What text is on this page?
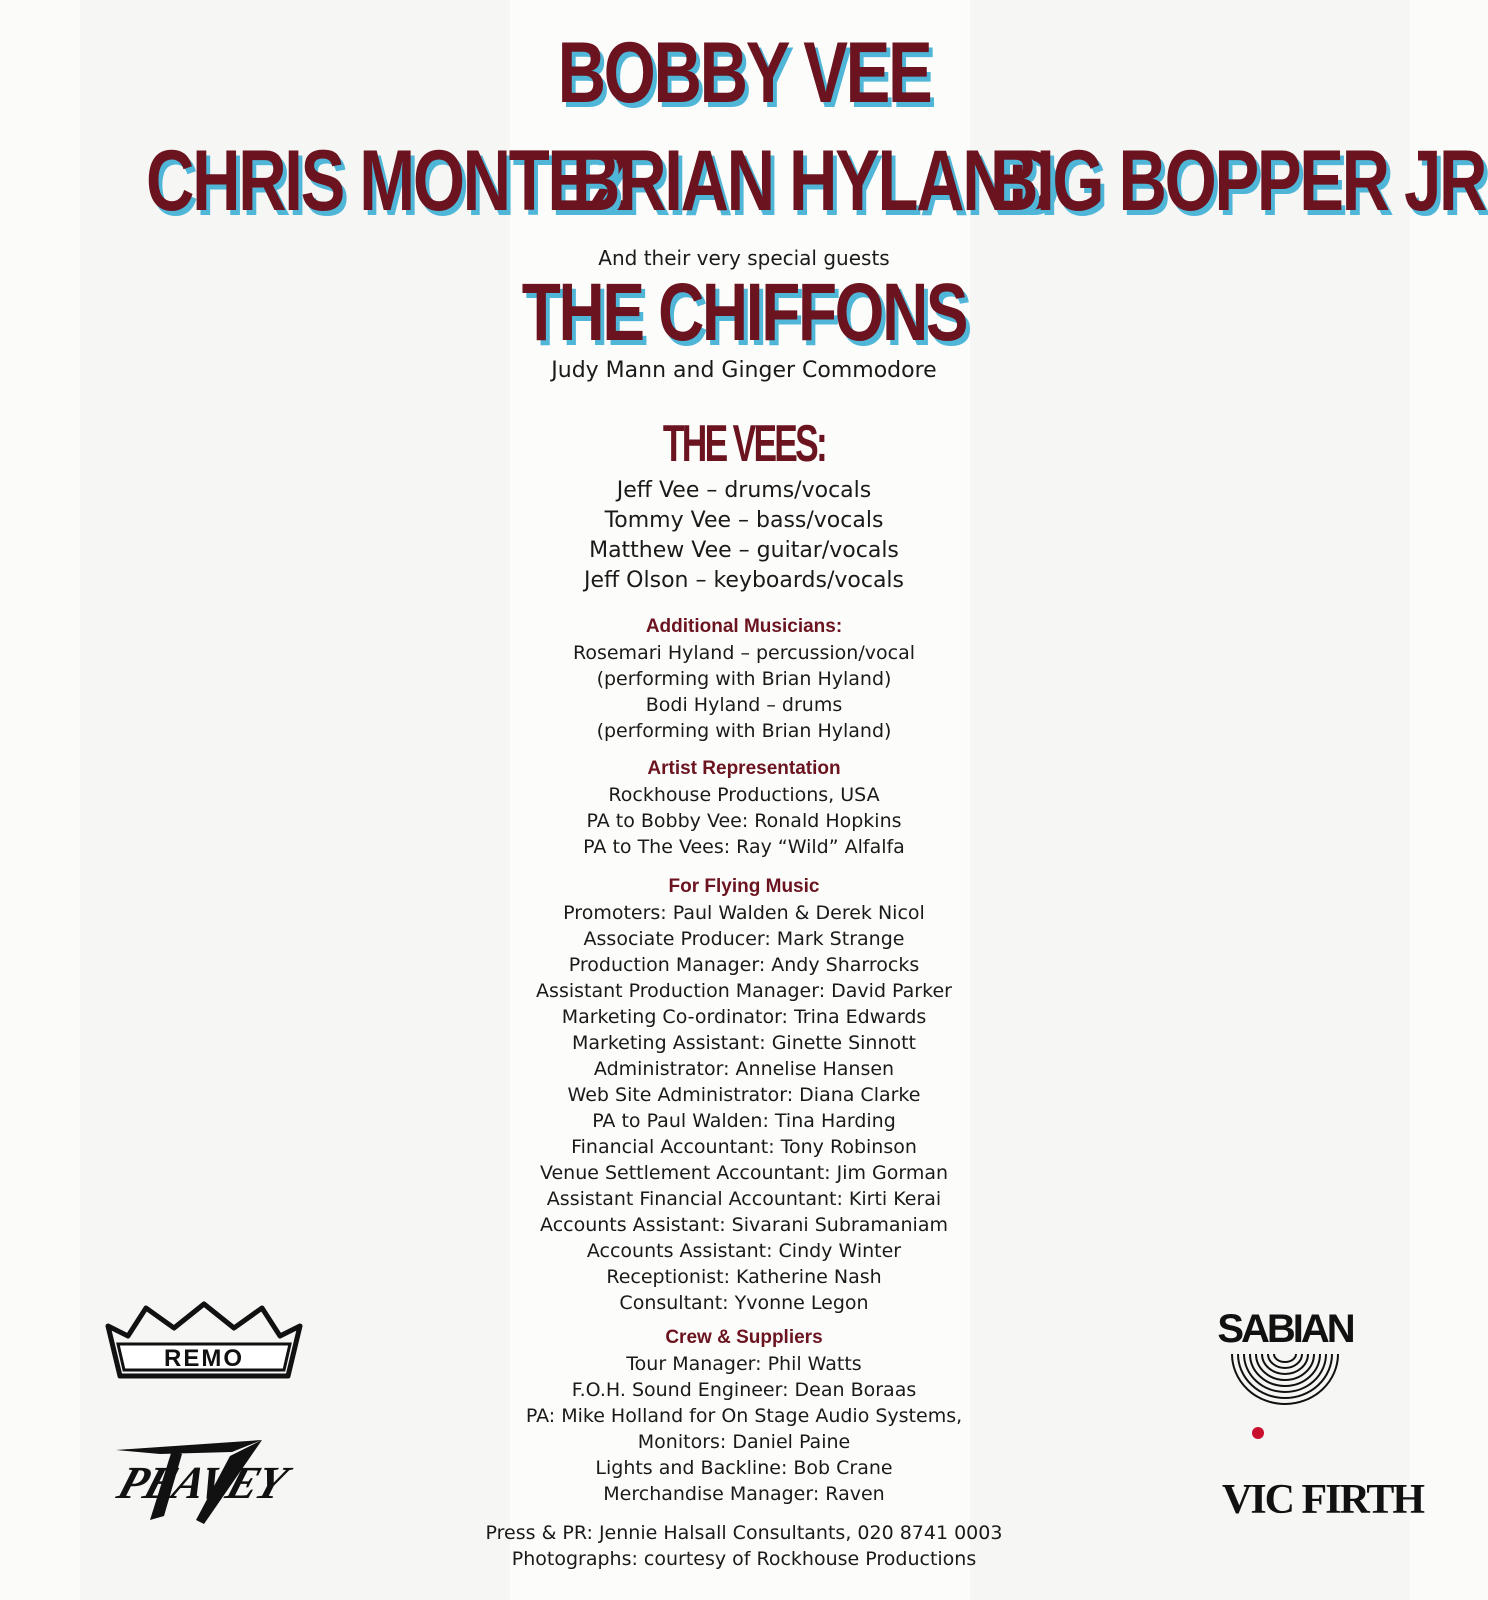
BOBBY VEE
CHRIS MONTEZ
BRIAN HYLAND
BIG BOPPER JR
And their very special guests
THE CHIFFONS
Judy Mann and Ginger Commodore
THE VEES:
Jeff Vee – drums/vocals
Tommy Vee – bass/vocals
Matthew Vee – guitar/vocals
Jeff Olson – keyboards/vocals
Additional Musicians:
Rosemari Hyland – percussion/vocal
(performing with Brian Hyland)
Bodi Hyland – drums
(performing with Brian Hyland)
Artist Representation
Rockhouse Productions, USA
PA to Bobby Vee: Ronald Hopkins
PA to The Vees: Ray “Wild” Alfalfa
For Flying Music
Promoters: Paul Walden & Derek Nicol
Associate Producer: Mark Strange
Production Manager: Andy Sharrocks
Assistant Production Manager: David Parker
Marketing Co-ordinator: Trina Edwards
Marketing Assistant: Ginette Sinnott
Administrator: Annelise Hansen
Web Site Administrator: Diana Clarke
PA to Paul Walden: Tina Harding
Financial Accountant: Tony Robinson
Venue Settlement Accountant: Jim Gorman
Assistant Financial Accountant: Kirti Kerai
Accounts Assistant: Sivarani Subramaniam
Accounts Assistant: Cindy Winter
Receptionist: Katherine Nash
Consultant: Yvonne Legon
Crew & Suppliers
Tour Manager: Phil Watts
F.O.H. Sound Engineer: Dean Boraas
PA: Mike Holland for On Stage Audio Systems,
Monitors: Daniel Paine
Lights and Backline: Bob Crane
Merchandise Manager: Raven
Press & PR: Jennie Halsall Consultants, 020 8741 0003
Photographs: courtesy of Rockhouse Productions
REMO
PEAVEY
SABIAN
VIC FIRTH
